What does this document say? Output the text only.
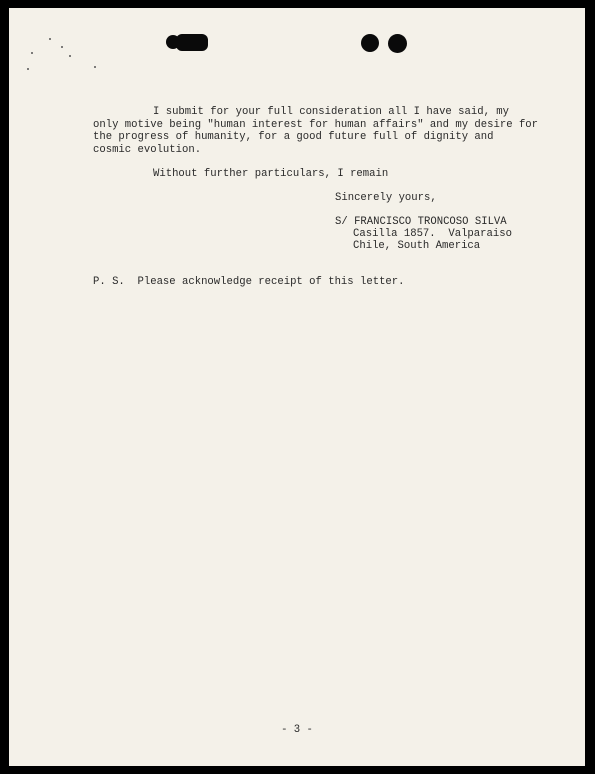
I submit for your full consideration all I have said, my
only motive being "human interest for human affairs" and my desire for
the progress of humanity, for a good future full of dignity and
cosmic evolution.
Without further particulars, I remain
Sincerely yours,
S/ FRANCISCO TRONCOSO SILVA
Casilla 1857.  Valparaiso
Chile, South America
P. S.  Please acknowledge receipt of this letter.
- 3 -
